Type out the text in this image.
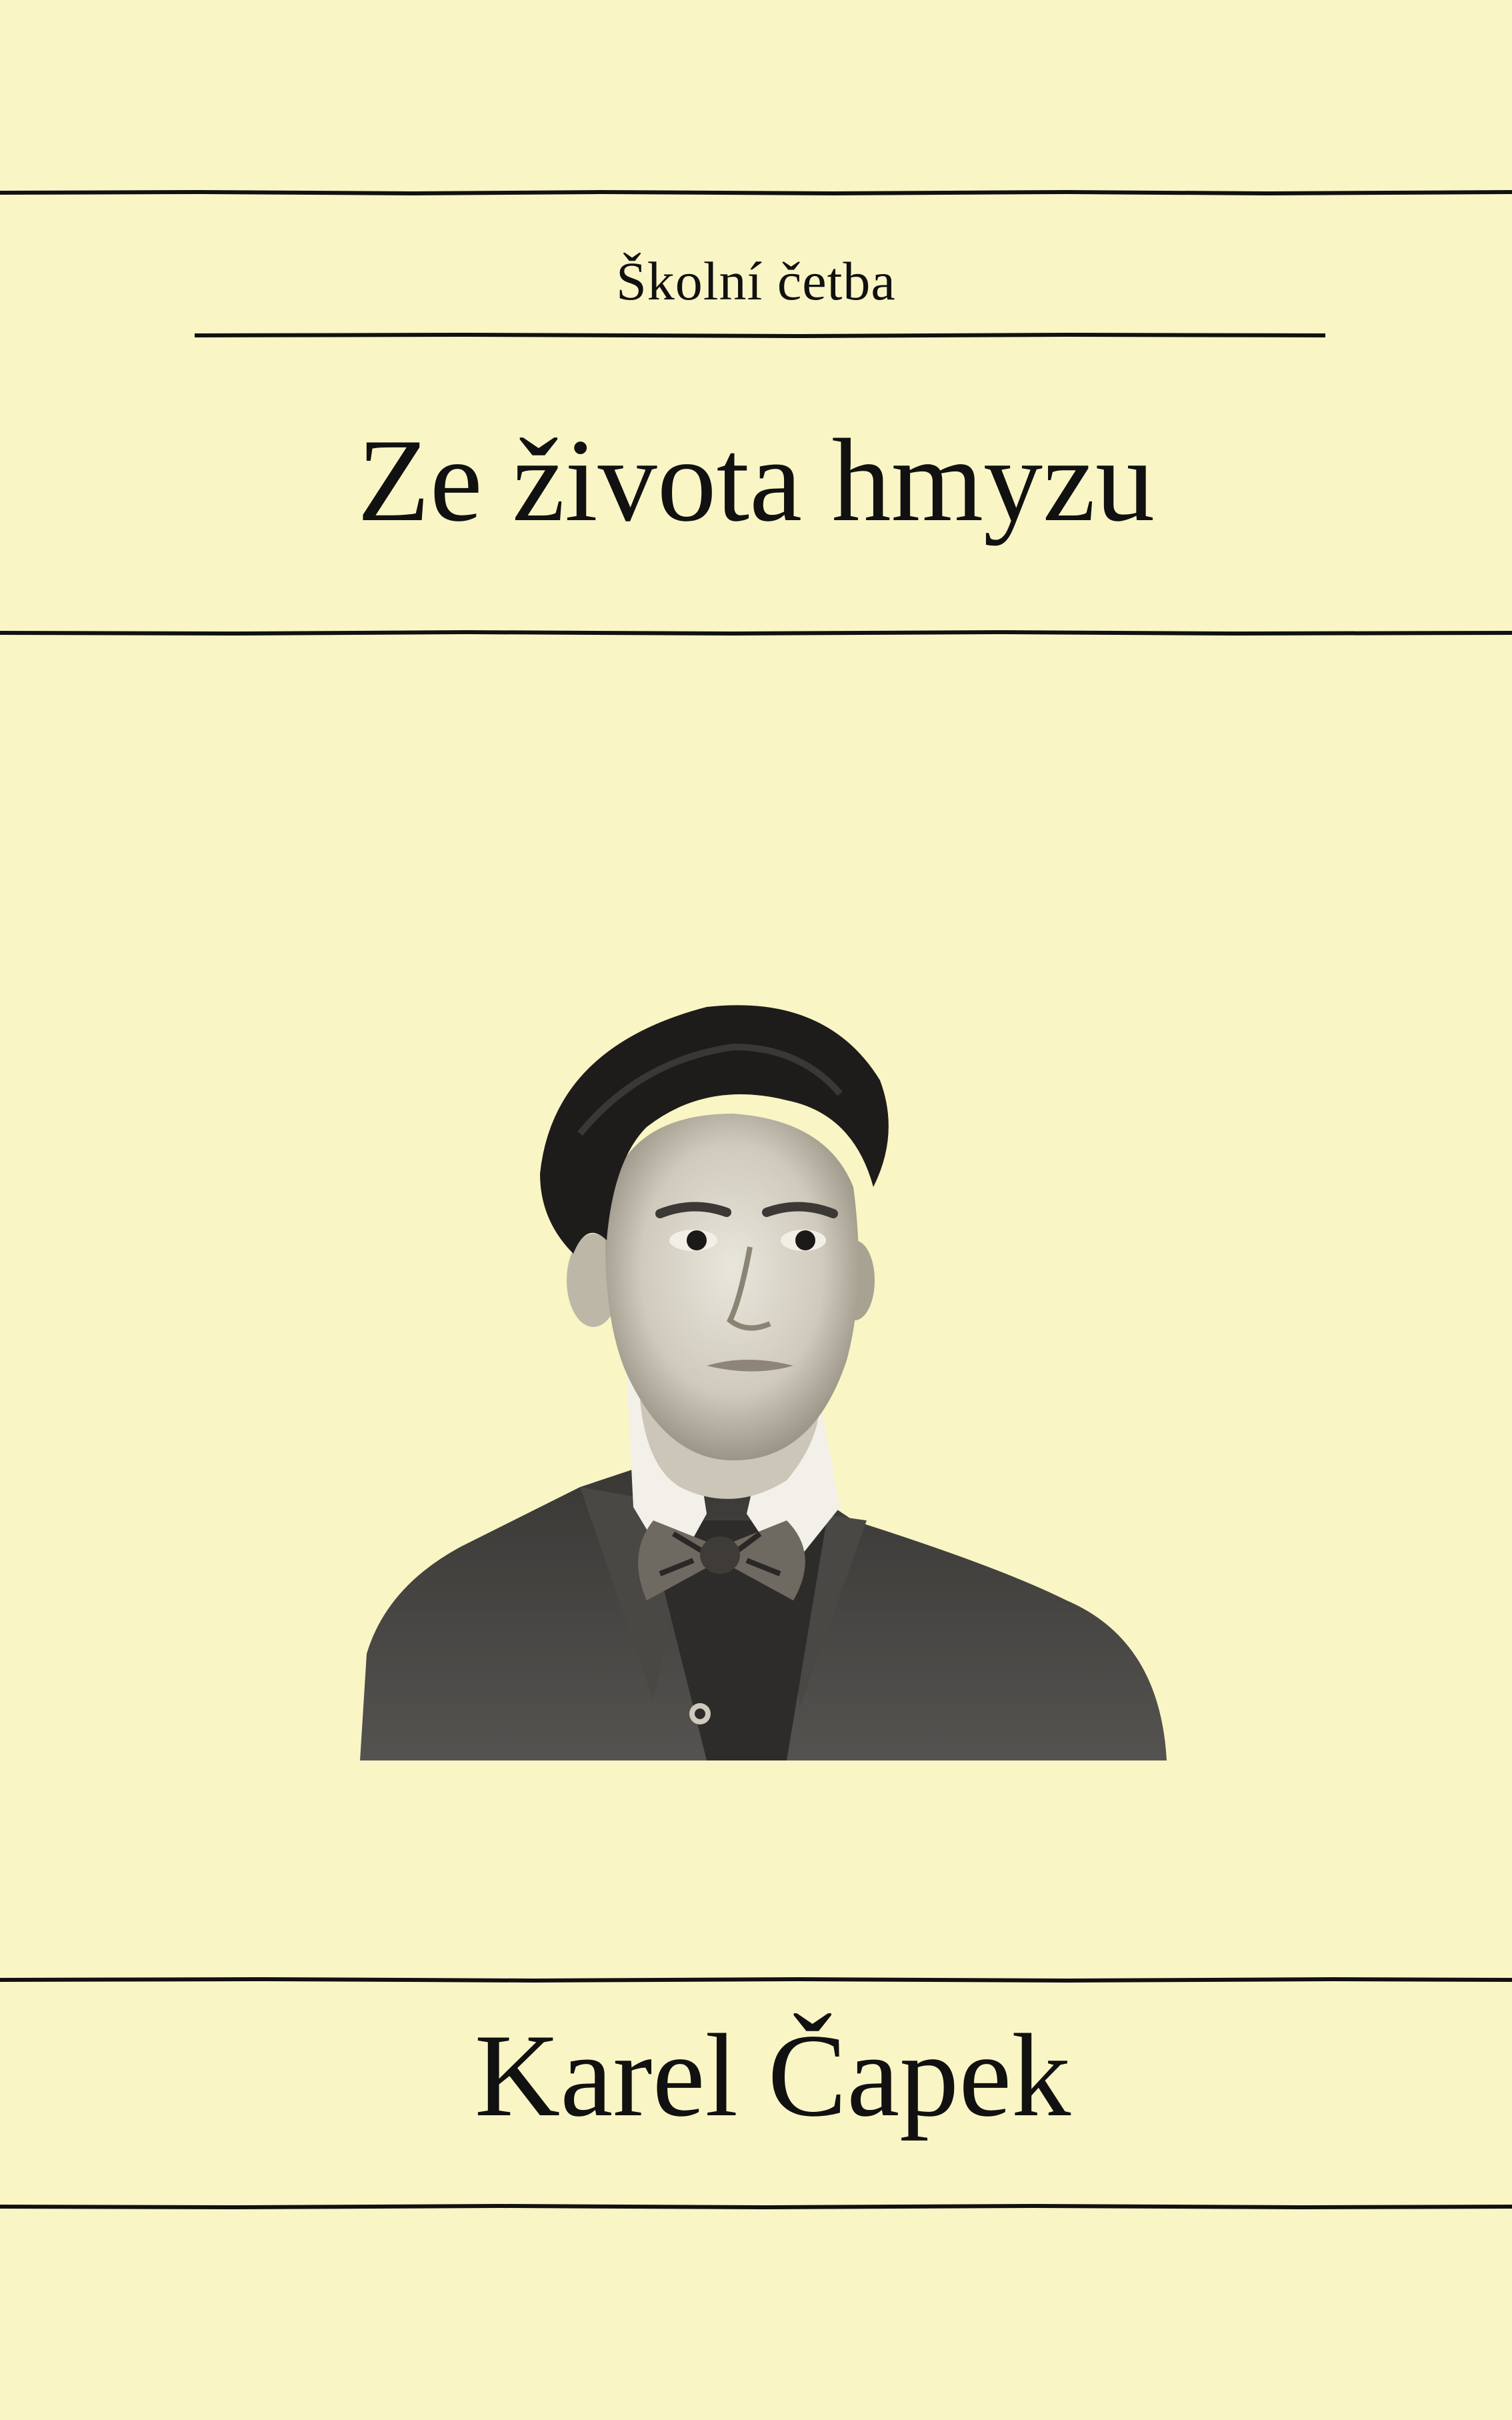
Školní četba
Ze života hmyzu
Karel Čapek
